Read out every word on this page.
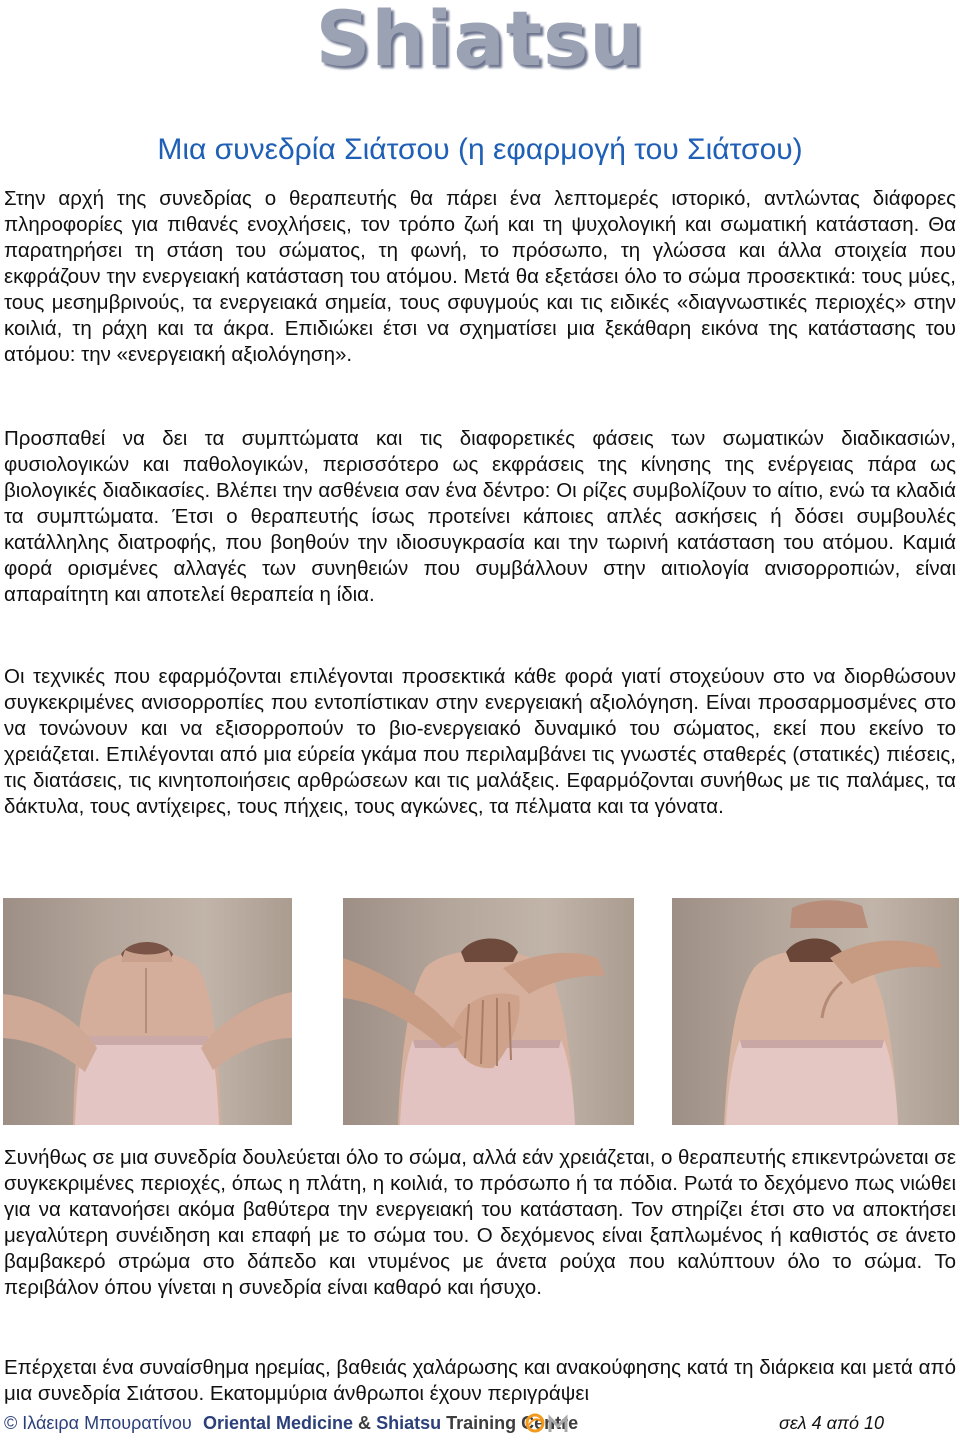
Shiatsu
Μια συνεδρία Σιάτσου (η εφαρμογή του Σιάτσου)

Στην αρχή της συνεδρίας ο θεραπευτής θα πάρει ένα λεπτομερές ιστορικό, αντλώντας διάφορες πληροφορίες για πιθανές ενοχλήσεις, τον τρόπο ζωή και τη ψυχολογική και σωματική κατάσταση. Θα παρατηρήσει τη στάση του σώματος, τη φωνή, το πρόσωπο, τη γλώσσα και άλλα στοιχεία που εκφράζουν την ενεργειακή κατάσταση του ατόμου. Μετά θα εξετάσει όλο το σώμα προσεκτικά: τους μύες, τους μεσημβρινούς, τα ενεργειακά σημεία, τους σφυγμούς και τις ειδικές «διαγνωστικές περιοχές» στην κοιλιά, τη ράχη και τα άκρα. Επιδιώκει έτσι να σχηματίσει μια ξεκάθαρη εικόνα της κατάστασης του ατόμου: την «ενεργειακή αξιολόγηση».

Προσπαθεί να δει τα συμπτώματα και τις διαφορετικές φάσεις των σωματικών διαδικασιών, φυσιολογικών και παθολογικών, περισσότερο ως εκφράσεις της κίνησης της ενέργειας πάρα ως βιολογικές διαδικασίες. Βλέπει την ασθένεια σαν ένα δέντρο: Οι ρίζες συμβολίζουν το αίτιο, ενώ τα κλαδιά τα συμπτώματα. Έτσι ο θεραπευτής ίσως προτείνει κάποιες απλές ασκήσεις ή δόσει συμβουλές κατάλληλης διατροφής, που βοηθούν την ιδιοσυγκρασία και την τωρινή κατάσταση του ατόμου. Καμιά φορά ορισμένες αλλαγές των συνηθειών που συμβάλλουν στην αιτιολογία ανισορροπιών, είναι απαραίτητη και αποτελεί θεραπεία η ίδια.

Οι τεχνικές που εφαρμόζονται επιλέγονται προσεκτικά κάθε φορά γιατί στοχεύουν στο να διορθώσουν συγκεκριμένες ανισορροπίες που εντοπίστικαν στην ενεργειακή αξιολόγηση. Είναι προσαρμοσμένες στο να τονώνουν και να εξισορροπούν το βιο-ενεργειακό δυναμικό του σώματος, εκεί που εκείνο το χρειάζεται. Επιλέγονται από μια εύρεία γκάμα που περιλαμβάνει τις γνωστές σταθερές (στατικές) πιέσεις, τις διατάσεις, τις κινητοποιήσεις αρθρώσεων και τις μαλάξεις. Εφαρμόζονται συνήθως με τις παλάμες, τα δάκτυλα, τους αντίχειρες, τους πήχεις, τους αγκώνες, τα πέλματα και τα γόνατα.

Συνήθως σε μια συνεδρία δουλεύεται όλο το σώμα, αλλά εάν χρειάζεται, ο θεραπευτής επικεντρώνεται σε συγκεκριμένες περιοχές, όπως η πλάτη, η κοιλιά, το πρόσωπο ή τα πόδια. Ρωτά το δεχόμενο πως νιώθει για να κατανοήσει ακόμα βαθύτερα την ενεργειακή του κατάσταση. Τον στηρίζει έτσι στο να αποκτήσει μεγαλύτερη συνέιδηση και επαφή με το σώμα του. Ο δεχόμενος είναι ξαπλωμένος ή καθιστός σε άνετο βαμβακερό στρώμα στο δάπεδο και ντυμένος με άνετα ρούχα που καλύπτουν όλο το σώμα. Το περιβάλον όπου γίνεται η συνεδρία είναι καθαρό και ήσυχο.

Επέρχεται ένα συναίσθημα ηρεμίας, βαθειάς χαλάρωσης και ανακούφησης κατά τη διάρκεια και μετά από μια συνεδρία Σιάτσου. Εκατομμύρια άνθρωποι έχουν περιγράψει

© Ιλάειρα Μπουρατίνου Oriental Medicine & Shiatsu Training Centre	σελ 4 από 10
